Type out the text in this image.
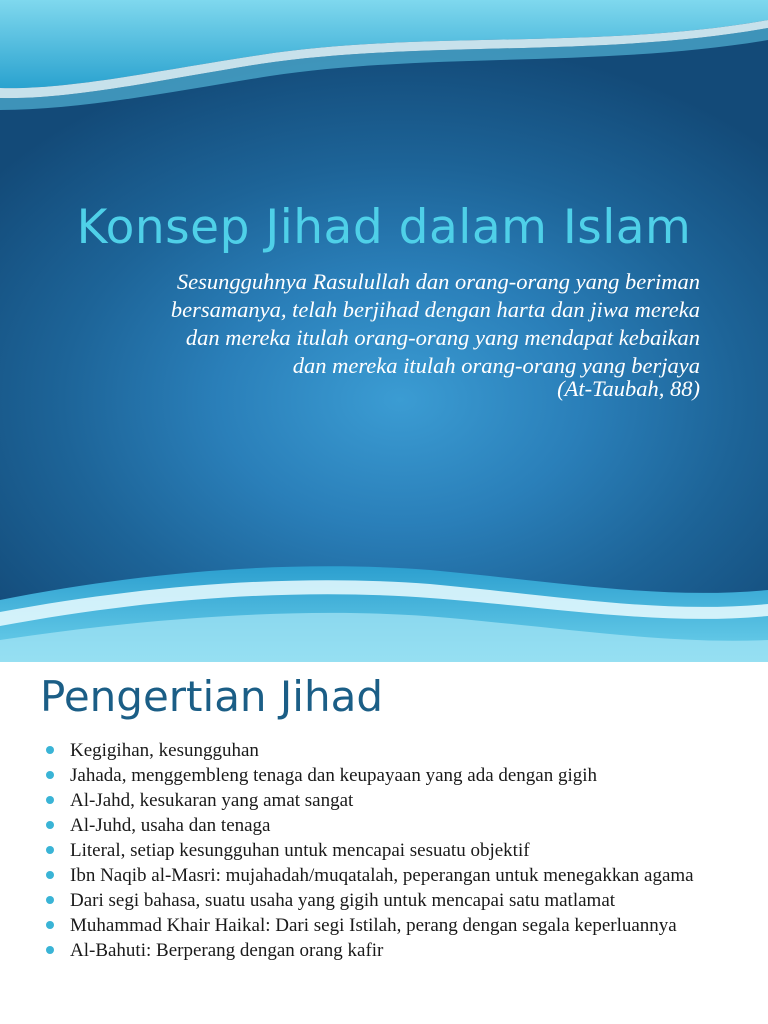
Konsep Jihad dalam Islam
Sesungguhnya Rasulullah dan orang-orang yang beriman
bersamanya, telah berjihad dengan harta dan jiwa mereka
dan mereka itulah orang-orang yang mendapat kebaikan
dan mereka itulah orang-orang yang berjaya
(At-Taubah, 88)
Pengertian Jihad
Kegigihan, kesungguhan
Jahada, menggembleng tenaga dan keupayaan yang ada dengan gigih
Al-Jahd, kesukaran yang amat sangat
Al-Juhd, usaha dan tenaga
Literal, setiap kesungguhan untuk mencapai sesuatu objektif
Ibn Naqib al-Masri: mujahadah/muqatalah, peperangan untuk menegakkan agama
Dari segi bahasa, suatu usaha yang gigih untuk mencapai satu matlamat
Muhammad Khair Haikal: Dari segi Istilah, perang dengan segala keperluannya
Al-Bahuti: Berperang dengan orang kafir
